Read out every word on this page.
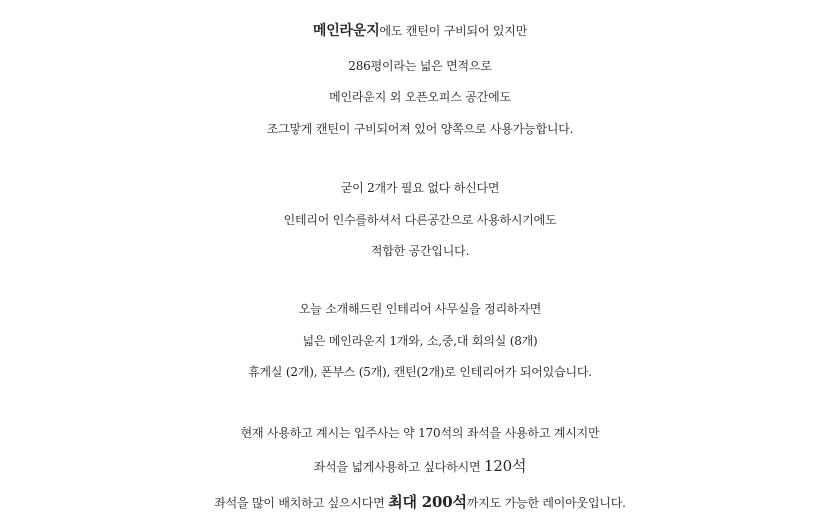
메인라운지에도 캔틴이 구비되어 있지만
286평이라는 넓은 면적으로
메인라운지 외 오픈오피스 공간에도
조그맣게 캔틴이 구비되어져 있어 양쪽으로 사용가능합니다.
굳이 2개가 필요 없다 하신다면
인테리어 인수를하셔서 다른공간으로 사용하시기에도
적합한 공간입니다.
오늘 소개해드린 인테리어 사무실을 정리하자면
넓은 메인라운지 1개와, 소,중,대 회의실 (8개)
휴게실 (2개), 폰부스 (5개), 캔틴(2개)로 인테리어가 되어있습니다.
현재 사용하고 계시는 입주사는 약 170석의 좌석을 사용하고 계시지만
좌석을 넓게사용하고 싶다하시면 120석
좌석을 많이 배치하고 싶으시다면 최대 200석까지도 가능한 레이아웃입니다.
